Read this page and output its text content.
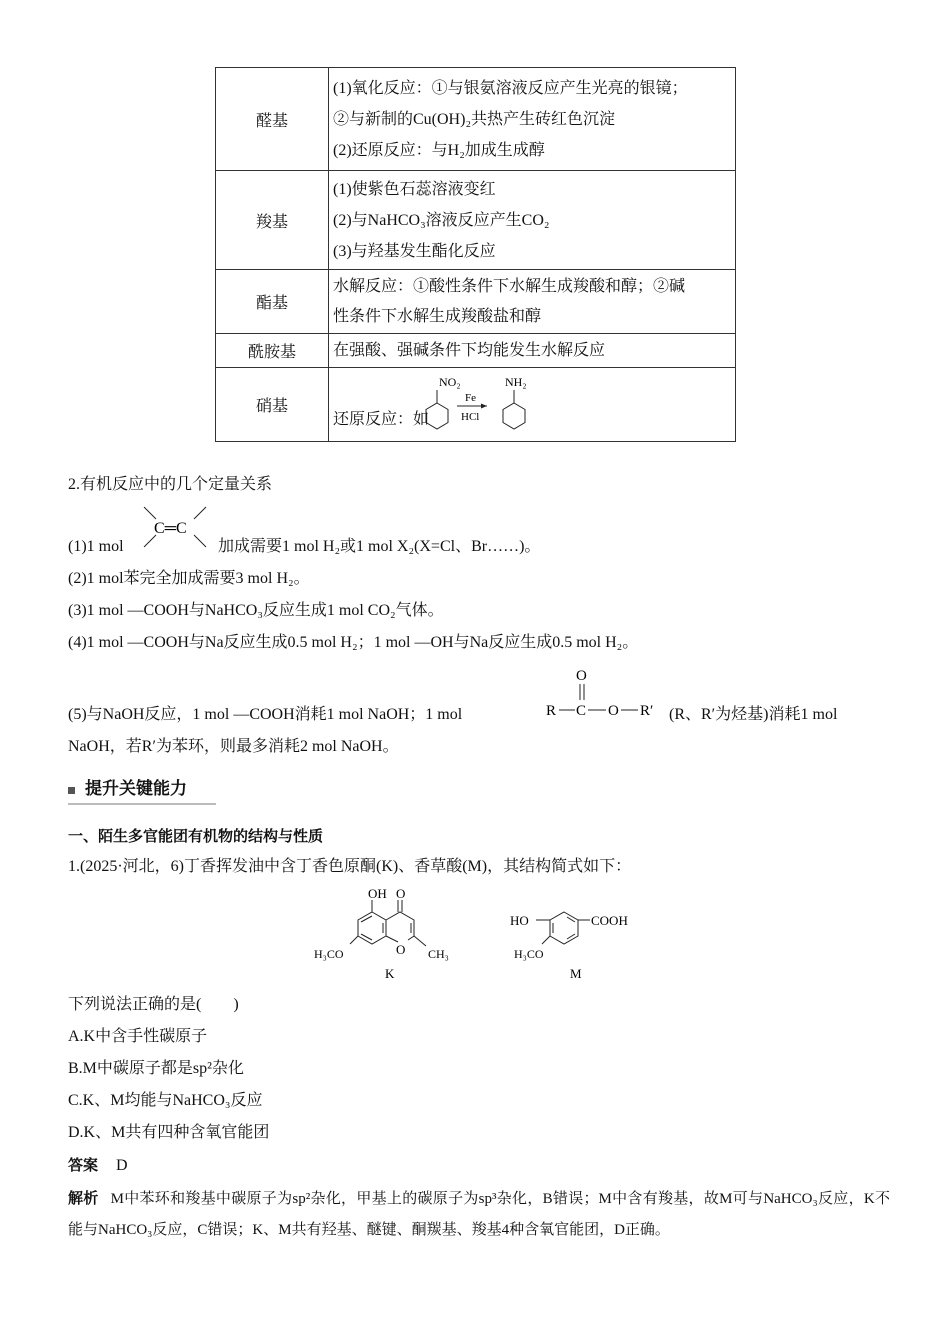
醛基	(1)氧化反应：①与银氨溶液反应产生光亮的银镜；
②与新制的Cu(OH)₂共热产生砖红色沉淀
(2)还原反应：与H₂加成生成醇

羧基	(1)使紫色石蕊溶液变红
(2)与NaHCO₃溶液反应产生CO₂
(3)与羟基发生酯化反应

酯基	水解反应：①酸性条件下水解生成羧酸和醇；②碱
性条件下水解生成羧酸盐和醇

酰胺基	在强酸、强碱条件下均能发生水解反应

硝基	还原反应：如
NO₂
Fe
HCl
NH₂
2.有机反应中的几个定量关系
(1)1 mol
C═C
加成需要1 mol H₂或1 mol X₂(X=Cl、Br……)。
(2)1 mol苯完全加成需要3 mol H₂。
(3)1 mol —COOH与NaHCO₃反应生成1 mol CO₂气体。
(4)1 mol —COOH与Na反应生成0.5 mol H₂；1 mol —OH与Na反应生成0.5 mol H₂。
(5)与NaOH反应，1 mol —COOH消耗1 mol NaOH；1 mol
O
R C O R′ (R、R′为烃基)消耗1 mol
NaOH，若R′为苯环，则最多消耗2 mol NaOH。
提升关键能力
一、陌生多官能团有机物的结构与性质
1.(2025·河北，6)丁香挥发油中含丁香色原酮(K)、香草酸(M)，其结构简式如下：
OH O
O CH₃
H₃CO
K
HO	COOH
H₃CO
M
下列说法正确的是(　　)
A.K中含手性碳原子
B.M中碳原子都是sp²杂化
C.K、M均能与NaHCO₃反应
D.K、M共有四种含氧官能团
答案 D
解析 M中苯环和羧基中碳原子为sp²杂化，甲基上的碳原子为sp³杂化，B错误；M中含有羧基，故M可与NaHCO₃反应，K不能与NaHCO₃反应，C错误；K、M共有羟基、醚键、酮羰基、羧基4种含氧官能团，D正确。
